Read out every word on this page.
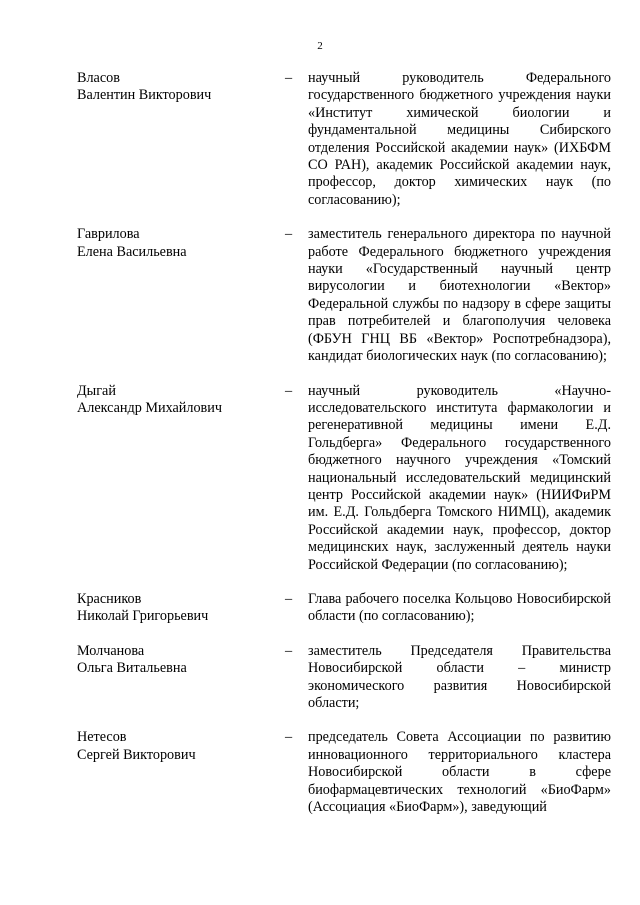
2
Власов
Валентин Викторович
–	научный руководитель Федерального государственного бюджетного учреждения науки «Институт химической биологии и фундаментальной медицины Сибирского отделения Российской академии наук» (ИХБФМ СО РАН), академик Российской академии наук, профессор, доктор химических наук (по согласованию);
Гаврилова
Елена Васильевна
–	заместитель генерального директора по научной работе Федерального бюджетного учреждения науки «Государственный научный центр вирусологии и биотехнологии «Вектор» Федеральной службы по надзору в сфере защиты прав потребителей и благополучия человека (ФБУН ГНЦ ВБ «Вектор» Роспотребнадзора), кандидат биологических наук (по согласованию);
Дыгай
Александр Михайлович
–	научный руководитель «Научно-исследовательского института фармакологии и регенеративной медицины имени Е.Д. Гольдберга» Федерального государственного бюджетного научного учреждения «Томский национальный исследовательский медицинский центр Российской академии наук» (НИИФиРМ им. Е.Д. Гольдберга Томского НИМЦ), академик Российской академии наук, профессор, доктор медицинских наук, заслуженный деятель науки Российской Федерации (по согласованию);
Красников
Николай Григорьевич
–	Глава рабочего поселка Кольцово Новосибирской области (по согласованию);
Молчанова
Ольга Витальевна
–	заместитель Председателя Правительства Новосибирской области – министр экономического развития Новосибирской области;
Нетесов
Сергей Викторович
–	председатель Совета Ассоциации по развитию инновационного территориального кластера Новосибирской области в сфере биофармацевтических технологий «БиоФарм» (Ассоциация «БиоФарм»), заведующий
